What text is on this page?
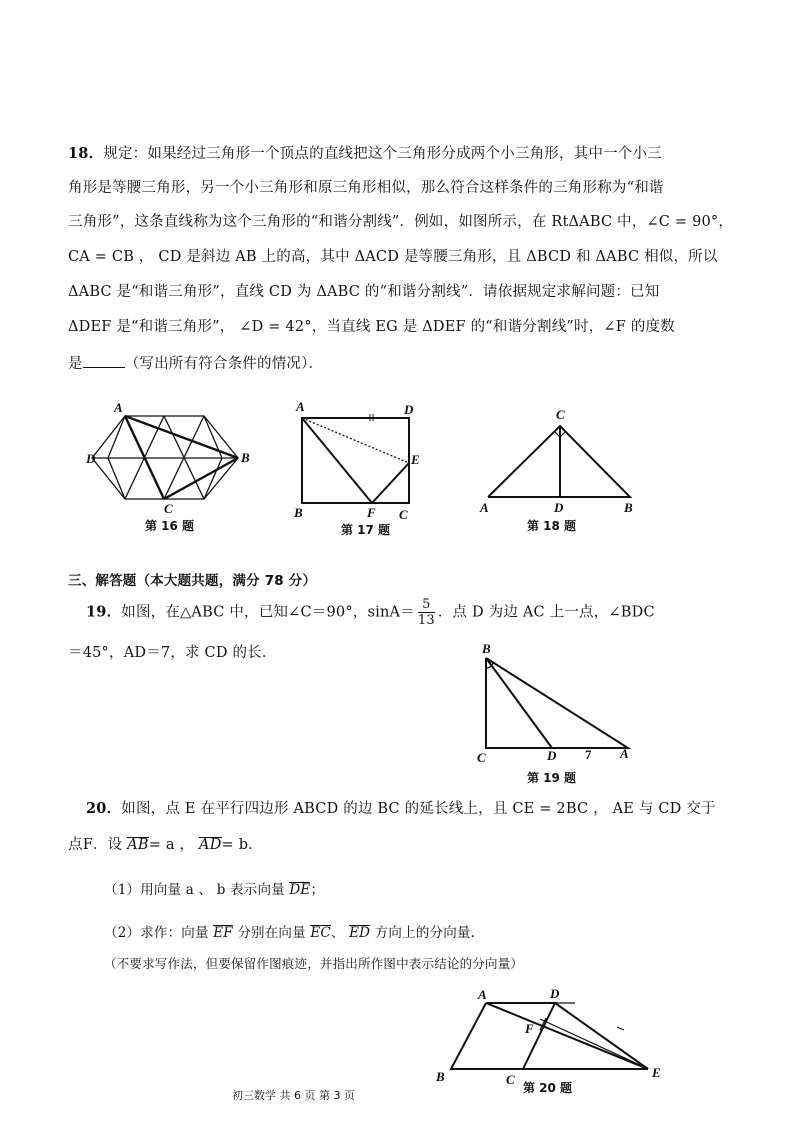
18．规定：如果经过三角形一个顶点的直线把这个三角形分成两个小三角形，其中一个小三
角形是等腰三角形，另一个小三角形和原三角形相似，那么符合这样条件的三角形称为“和谐
三角形”，这条直线称为这个三角形的“和谐分割线”．例如，如图所示，在 RtΔABC 中，∠C = 90°，
CA = CB ， CD 是斜边 AB 上的高，其中 ΔACD 是等腰三角形，且 ΔBCD 和 ΔABC 相似，所以
ΔABC 是“和谐三角形”，直线 CD 为 ΔABC 的“和谐分割线”．请依据规定求解问题：已知
ΔDEF 是“和谐三角形”， ∠D = 42°，当直线 EG 是 ΔDEF 的“和谐分割线”时，∠F 的度数
是	（写出所有符合条件的情况）．
A
B
C
D
第 16 题
A	D
E
B	F C
第 17 题
C
A	D	B
第 18 题
三、解答题（本大题共题，满分 78 分）
19．如图，在△ABC 中，已知∠C＝90°，$\sin A= \frac{5}{13}$ ．点 D 为边 AC 上一点，∠BDC
＝45°，AD＝7，求 CD 的长．	B
C	D	A
7
第 19 题
20．如图，点 E 在平行四边形 ABCD 的边 BC 的延长线上，且 CE = 2BC ， AE 与 CD 交于
点F．设 AB= a ， AD= b．
（1）用向量 a 、 b 表示向量 DE；
（2）求作：向量 EF 分别在向量 EC、 ED 方向上的分向量.
（不要求写作法，但要保留作图痕迹，并指出所作图中表示结论的分向量）
A	D
F
B	C	E
第 20 题
初三数学 共 6 页 第 3 页
